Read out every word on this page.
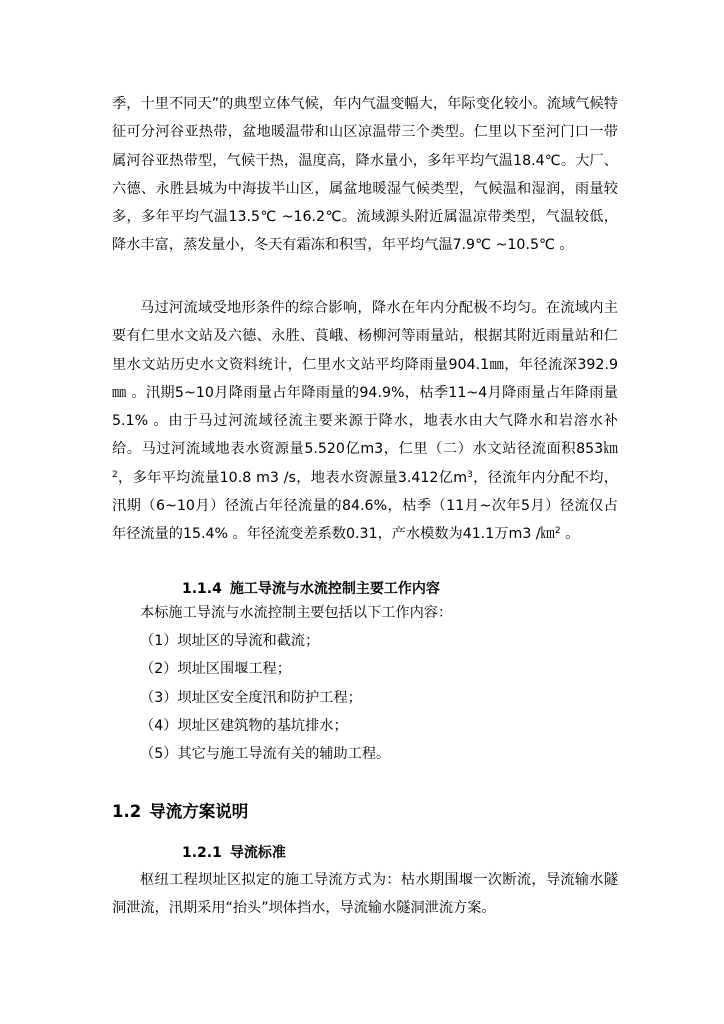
季，十里不同天”的典型立体气候，年内气温变幅大，年际变化较小。流域气候特征可分河谷亚热带，盆地暖温带和山区凉温带三个类型。仁里以下至河门口一带属河谷亚热带型，气候干热，温度高，降水量小，多年平均气温18.4℃。大厂、六德、永胜县城为中海拔半山区，属盆地暖湿气候类型，气候温和湿润，雨量较多，多年平均气温13.5℃ ~16.2℃。流域源头附近属温凉带类型，气温较低，降水丰富，蒸发量小，冬天有霜冻和积雪，年平均气温7.9℃ ~10.5℃ 。

马过河流域受地形条件的综合影响，降水在年内分配极不均匀。在流域内主要有仁里水文站及六德、永胜、莨峨、杨柳河等雨量站，根据其附近雨量站和仁里水文站历史水文资料统计，仁里水文站平均降雨量904.1㎜，年径流深392.9㎜ 。汛期5~10月降雨量占年降雨量的94.9%，枯季11~4月降雨量占年降雨量5.1% 。由于马过河流域径流主要来源于降水，地表水由大气降水和岩溶水补给。马过河流域地表水资源量5.520亿m3，仁里（二）水文站径流面积853㎞$^2$，多年平均流量10.8 m3 /s，地表水资源量3.412亿$m^3$，径流年内分配不均，汛期（6~10月）径流占年径流量的84.6%，枯季（11月~次年5月）径流仅占年径流量的15.4% 。年径流变差系数0.31，产水模数为41.1万m3 /㎞$^2$ 。

1.1.4 施工导流与水流控制主要工作内容

本标施工导流与水流控制主要包括以下工作内容：

（1）坝址区的导流和截流；

（2）坝址区围堰工程；

（3）坝址区安全度汛和防护工程；

（4）坝址区建筑物的基坑排水；

（5）其它与施工导流有关的辅助工程。

1.2 导流方案说明
1.2.1 导流标准

枢纽工程坝址区拟定的施工导流方式为：枯水期围堰一次断流，导流输水隧洞泄流，汛期采用“抬头”坝体挡水，导流输水隧洞泄流方案。
